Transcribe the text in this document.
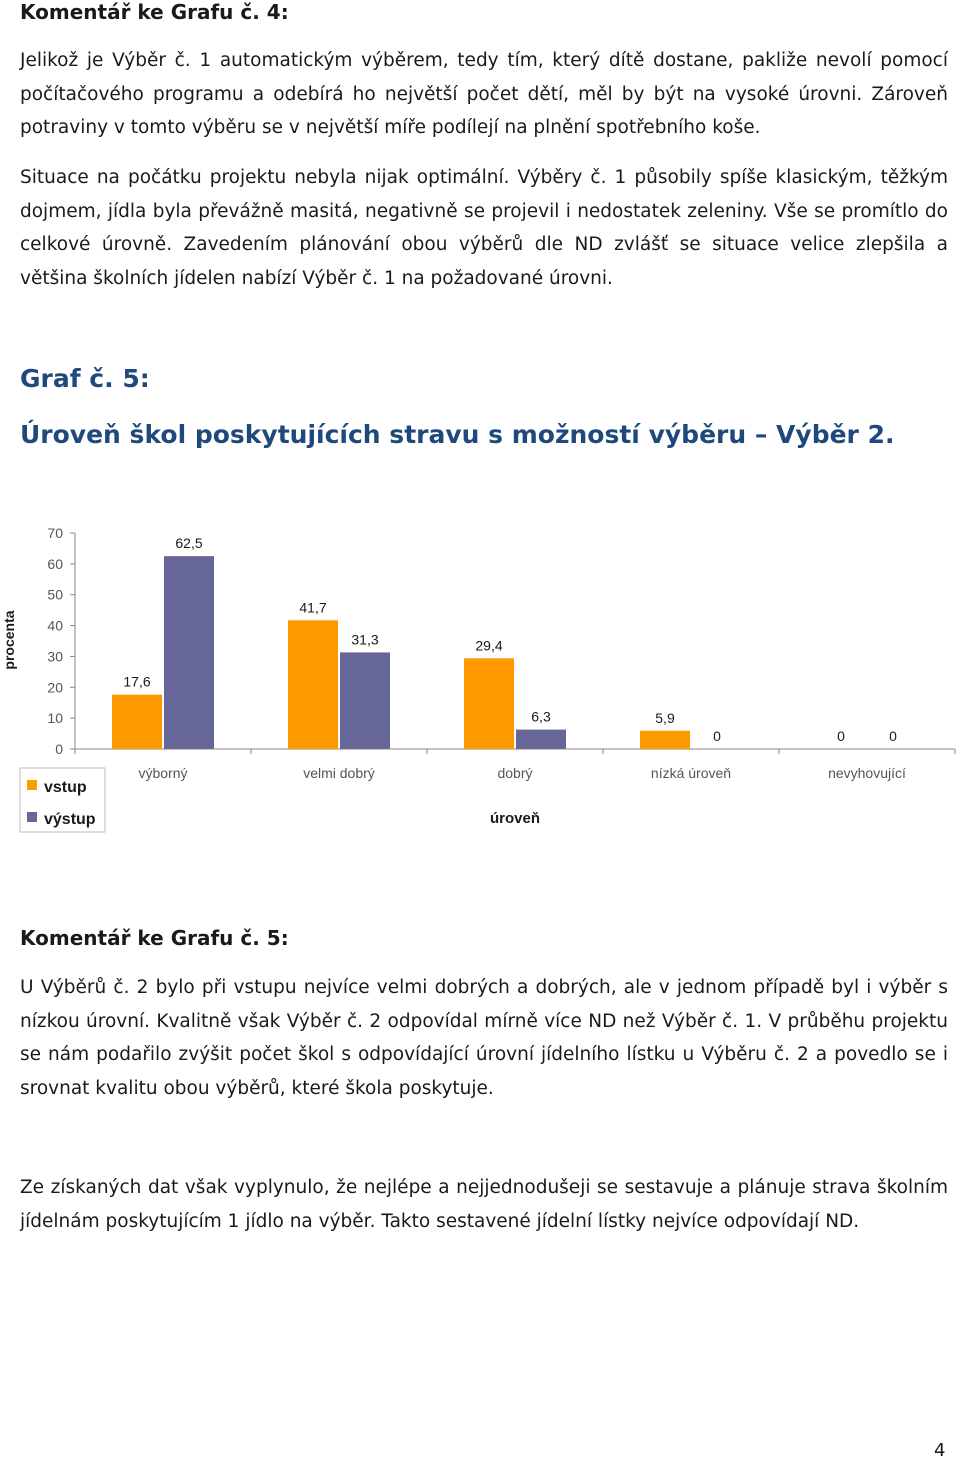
Komentář ke Grafu č. 4:

Jelikož je Výběr č. 1 automatickým výběrem, tedy tím, který dítě dostane, pakliže nevolí pomocí počítačového programu a odebírá ho největší počet dětí, měl by být na vysoké úrovni. Zároveň potraviny v tomto výběru se v největší míře podílejí na plnění spotřebního koše.

Situace na počátku projektu nebyla nijak optimální. Výběry č. 1 působily spíše klasickým, těžkým dojmem, jídla byla převážně masitá, negativně se projevil i nedostatek zeleniny. Vše se promítlo do celkové úrovně. Zavedením plánování obou výběrů dle ND zvlášť se situace velice zlepšila a většina školních jídelen nabízí Výběr č. 1 na požadované úrovni.

Graf č. 5:
Úroveň škol poskytujících stravu s možností výběru – Výběr 2.
0
10
20
30
40
50
60
70
17,6
62,5
41,7
31,3	29,4
6,3	5,9
0	0	0
výborný	velmi dobrý	dobrý	nízká úroveň	nevyhovující
procenta
úroveň
vstup
výstup
Komentář ke Grafu č. 5:

U Výběrů č. 2 bylo při vstupu nejvíce velmi dobrých a dobrých, ale v jednom případě byl i výběr s nízkou úrovní. Kvalitně však Výběr č. 2 odpovídal mírně více ND než Výběr č. 1. V průběhu projektu se nám podařilo zvýšit počet škol s odpovídající úrovní jídelního lístku u Výběru č. 2 a povedlo se i srovnat kvalitu obou výběrů, které škola poskytuje.

Ze získaných dat však vyplynulo, že nejlépe a nejjednodušeji se sestavuje a plánuje strava školním jídelnám poskytujícím 1 jídlo na výběr. Takto sestavené jídelní lístky nejvíce odpovídají ND.

4
